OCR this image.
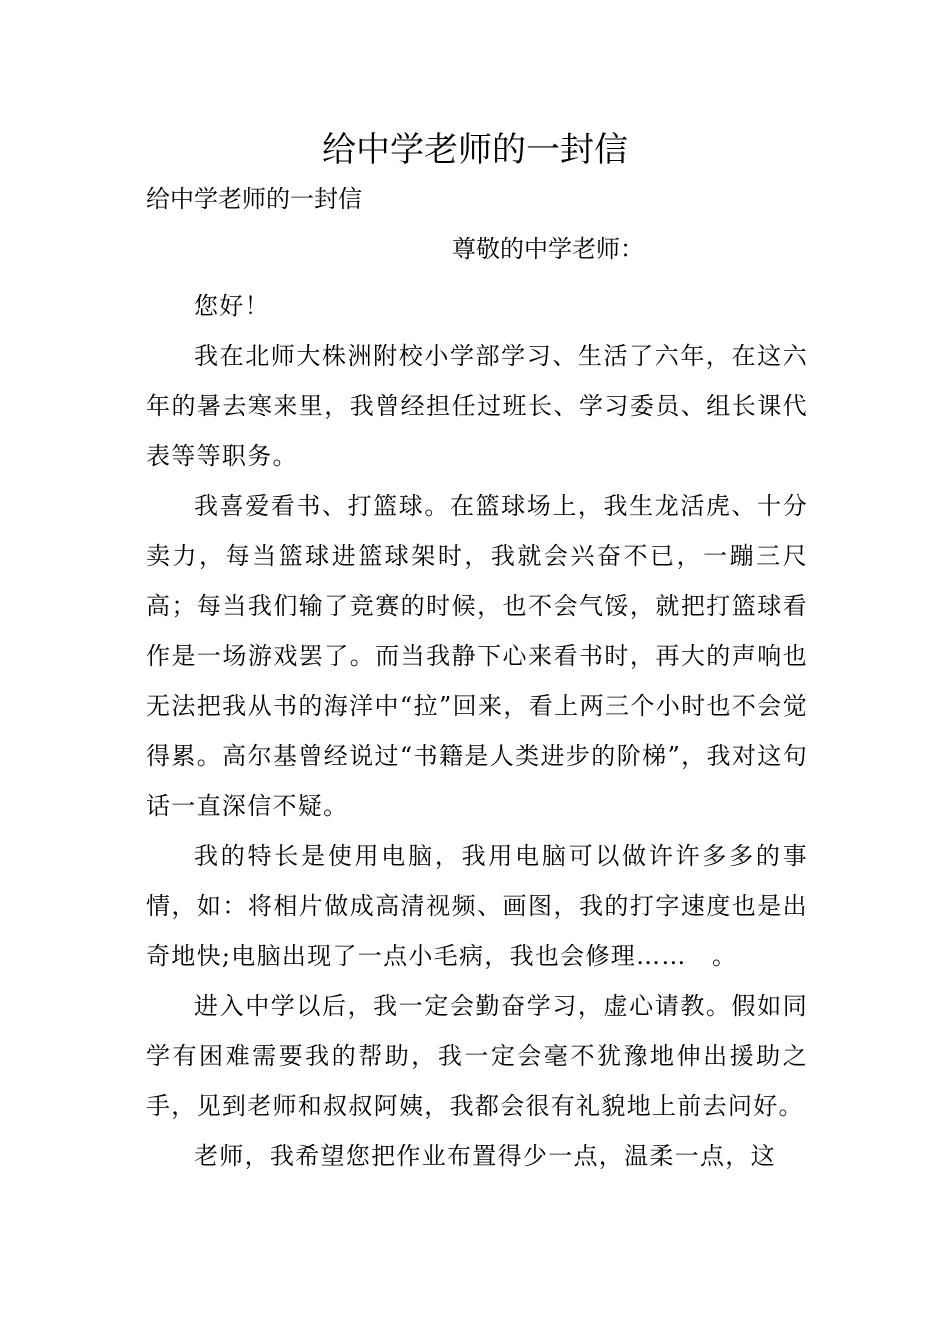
给中学老师的一封信

给中学老师的一封信

尊敬的中学老师：

您好！

我在北师大株洲附校小学部学习、生活了六年，在这六年的暑去寒来里，我曾经担任过班长、学习委员、组长课代表等等职务。

我喜爱看书、打篮球。在篮球场上，我生龙活虎、十分卖力，每当篮球进篮球架时，我就会兴奋不已，一蹦三尺高；每当我们输了竞赛的时候，也不会气馁，就把打篮球看作是一场游戏罢了。而当我静下心来看书时，再大的声响也无法把我从书的海洋中“拉”回来，看上两三个小时也不会觉得累。高尔基曾经说过“书籍是人类进步的阶梯”，我对这句话一直深信不疑。

我的特长是使用电脑，我用电脑可以做许许多多的事情，如：将相片做成高清视频、画图，我的打字速度也是出奇地快;电脑出现了一点小毛病，我也会修理……　。

进入中学以后，我一定会勤奋学习，虚心请教。假如同学有困难需要我的帮助，我一定会毫不犹豫地伸出援助之手，见到老师和叔叔阿姨，我都会很有礼貌地上前去问好。

老师，我希望您把作业布置得少一点，温柔一点，这
